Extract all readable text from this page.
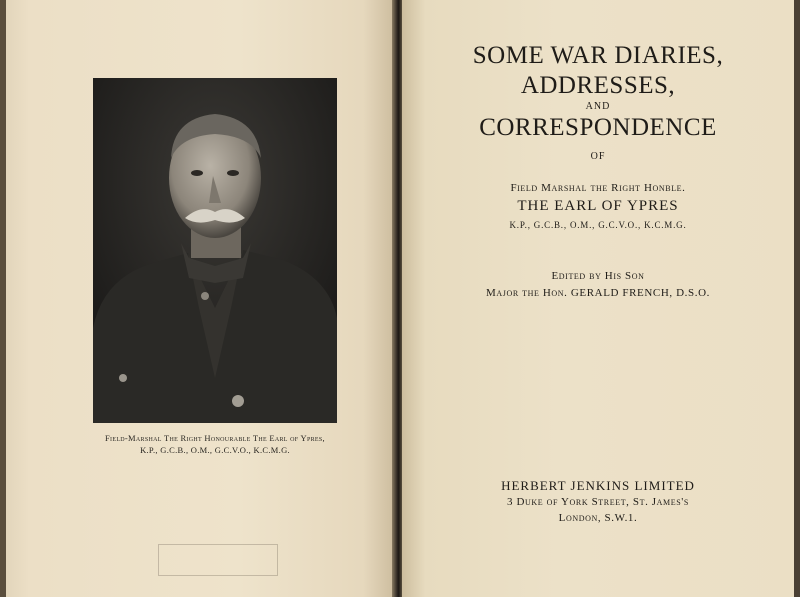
Field-Marshal The Right Honourable The Earl of Ypres,
K.P., G.C.B., O.M., G.C.V.O., K.C.M.G.
SOME WAR DIARIES,
ADDRESSES,
AND
CORRESPONDENCE
OF
Field Marshal the Right Honble.
THE EARL OF YPRES
K.P., G.C.B., O.M., G.C.V.O., K.C.M.G.
Edited by His Son
Major the Hon. GERALD FRENCH, D.S.O.
HERBERT JENKINS LIMITED
3 Duke of York Street, St. James's
London, S.W.1.
